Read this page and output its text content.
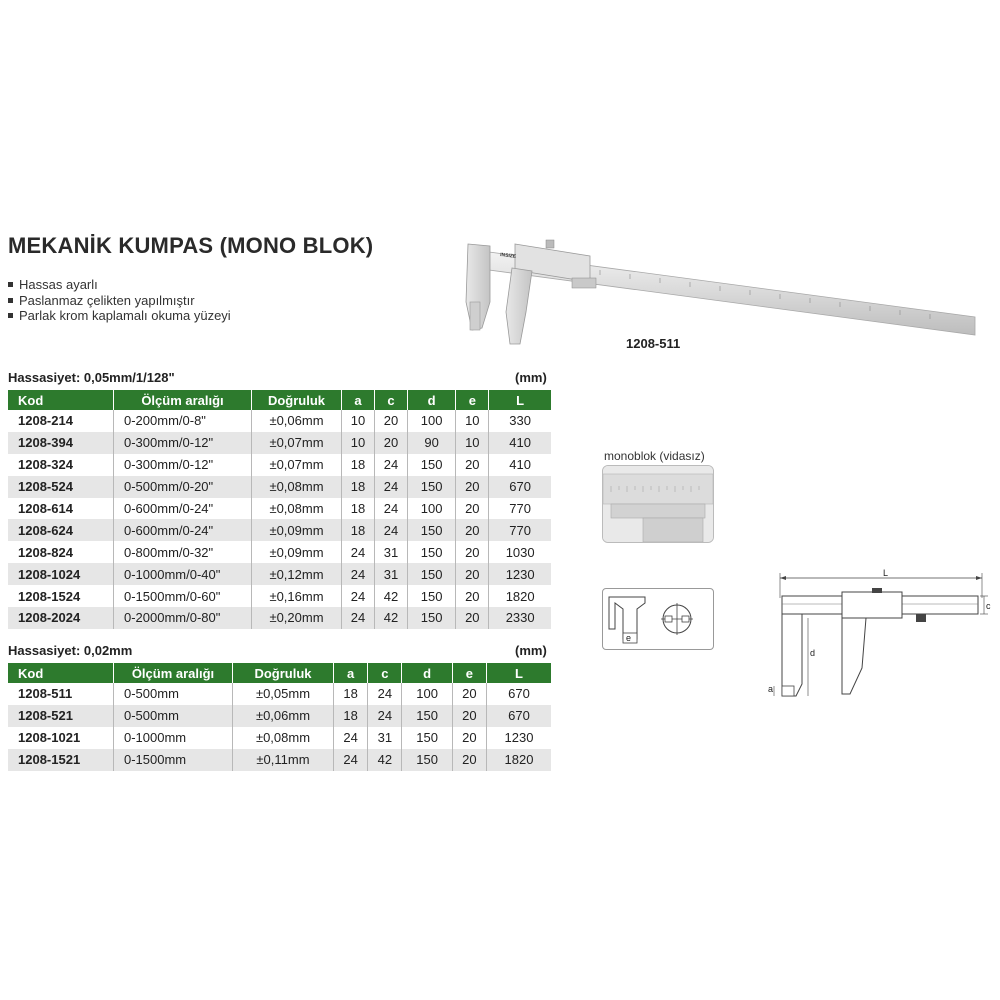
MEKANİK KUMPAS (MONO BLOK)
Hassas ayarlı
Paslanmaz çelikten yapılmıştır
Parlak krom kaplamalı okuma yüzeyi
INSIZE
1208-511
Hassasiyet: 0,05mm/1/128"	(mm)
Kod	Ölçüm aralığı	Doğruluk	a	c	d	e	L
1208-214	0-200mm/0-8"	±0,06mm	10	20	100	10	330
1208-394	0-300mm/0-12"	±0,07mm	10	20	90	10	410
1208-324	0-300mm/0-12"	±0,07mm	18	24	150	20	410
1208-524	0-500mm/0-20"	±0,08mm	18	24	150	20	670
1208-614	0-600mm/0-24"	±0,08mm	18	24	100	20	770
1208-624	0-600mm/0-24"	±0,09mm	18	24	150	20	770
1208-824	0-800mm/0-32"	±0,09mm	24	31	150	20	1030
1208-1024	0-1000mm/0-40"	±0,12mm	24	31	150	20	1230
1208-1524	0-1500mm/0-60"	±0,16mm	24	42	150	20	1820
1208-2024	0-2000mm/0-80"	±0,20mm	24	42	150	20	2330
Hassasiyet: 0,02mm	(mm)
Kod	Ölçüm aralığı	Doğruluk	a	c	d	e	L
1208-511	0-500mm	±0,05mm	18	24	100	20	670
1208-521	0-500mm	±0,06mm	18	24	150	20	670
1208-1021	0-1000mm	±0,08mm	24	31	150	20	1230
1208-1521	0-1500mm	±0,11mm	24	42	150	20	1820
monoblok (vidasız)
e
L
c
d
a
